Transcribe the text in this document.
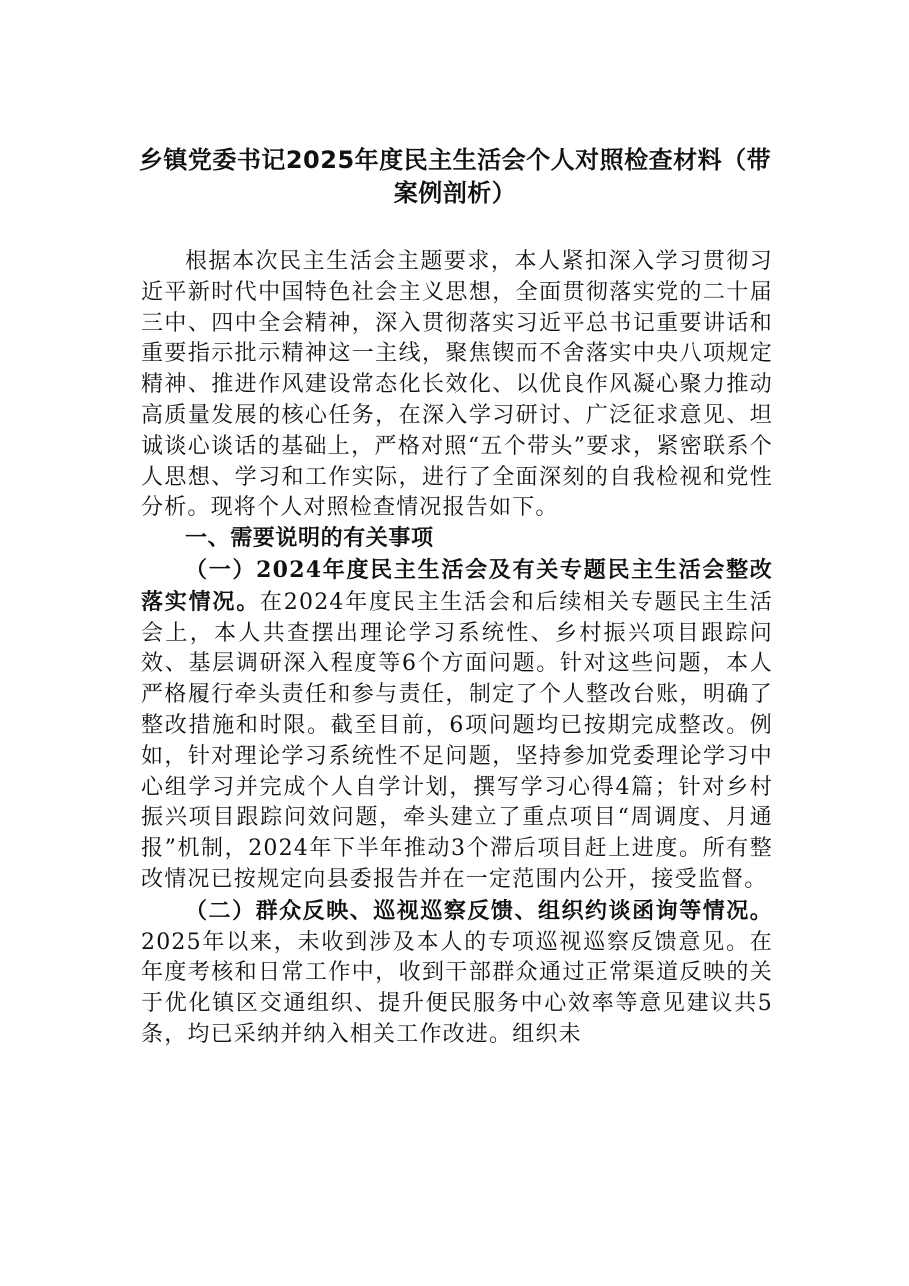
乡镇党委书记2025年度民主生活会个人对照检查材料（带案例剖析）

根据本次民主生活会主题要求，本人紧扣深入学习贯彻习近平新时代中国特色社会主义思想，全面贯彻落实党的二十届三中、四中全会精神，深入贯彻落实习近平总书记重要讲话和重要指示批示精神这一主线，聚焦锲而不舍落实中央八项规定精神、推进作风建设常态化长效化、以优良作风凝心聚力推动高质量发展的核心任务，在深入学习研讨、广泛征求意见、坦诚谈心谈话的基础上，严格对照“五个带头”要求，紧密联系个人思想、学习和工作实际，进行了全面深刻的自我检视和党性分析。现将个人对照检查情况报告如下。

一、需要说明的有关事项

（一）2024年度民主生活会及有关专题民主生活会整改落实情况。在2024年度民主生活会和后续相关专题民主生活会上，本人共查摆出理论学习系统性、乡村振兴项目跟踪问效、基层调研深入程度等6个方面问题。针对这些问题，本人严格履行牵头责任和参与责任，制定了个人整改台账，明确了整改措施和时限。截至目前，6项问题均已按期完成整改。例如，针对理论学习系统性不足问题，坚持参加党委理论学习中心组学习并完成个人自学计划，撰写学习心得4篇；针对乡村振兴项目跟踪问效问题，牵头建立了重点项目“周调度、月通报”机制，2024年下半年推动3个滞后项目赶上进度。所有整改情况已按规定向县委报告并在一定范围内公开，接受监督。

（二）群众反映、巡视巡察反馈、组织约谈函询等情况。2025年以来，未收到涉及本人的专项巡视巡察反馈意见。在年度考核和日常工作中，收到干部群众通过正常渠道反映的关于优化镇区交通组织、提升便民服务中心效率等意见建议共5条，均已采纳并纳入相关工作改进。组织未
